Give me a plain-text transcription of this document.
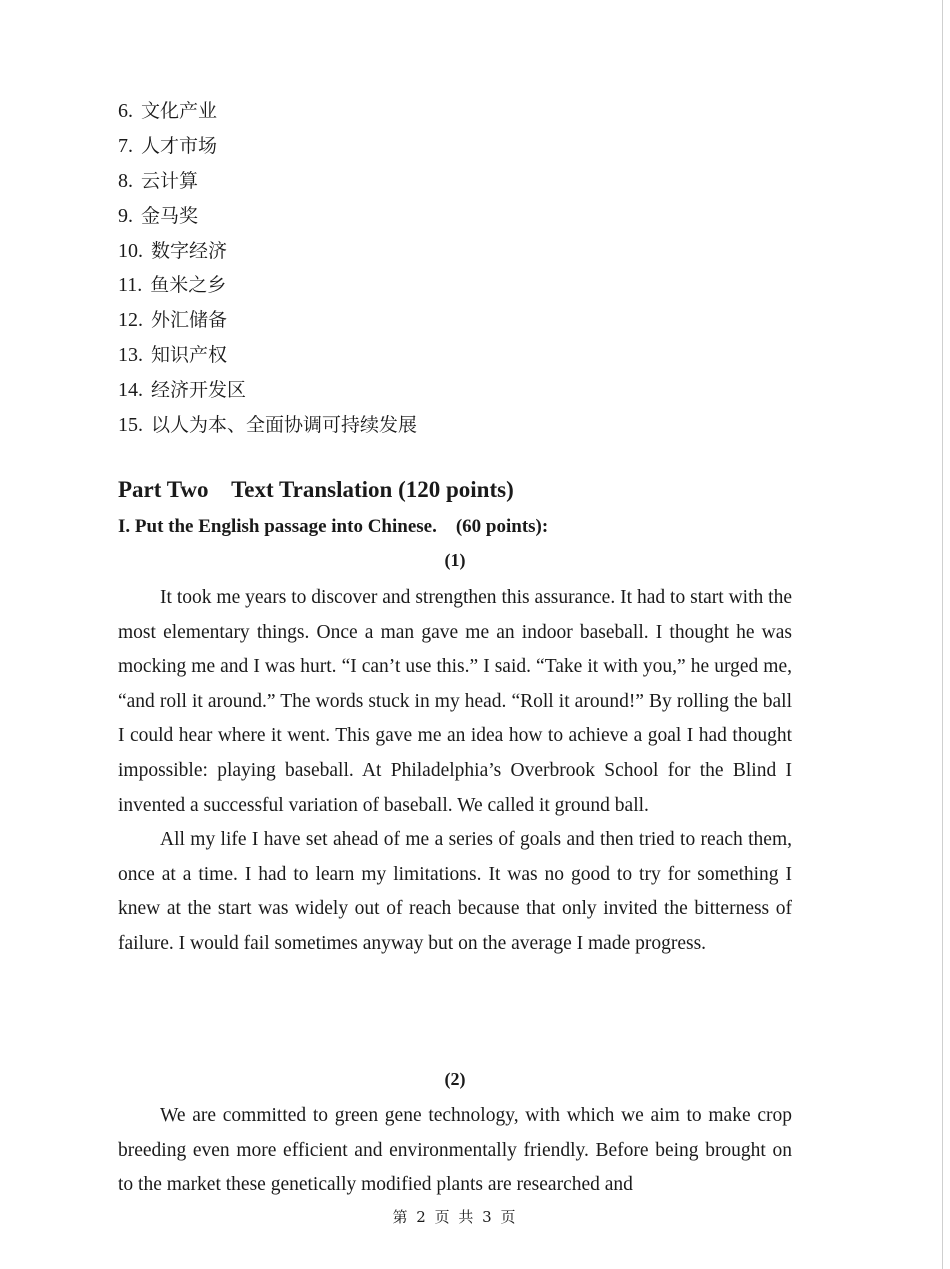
6. 文化产业
7. 人才市场
8. 云计算
9. 金马奖
10. 数字经济
11. 鱼米之乡
12. 外汇储备
13. 知识产权
14. 经济开发区
15. 以人为本、全面协调可持续发展
Part Two    Text Translation (120 points)
I. Put the English passage into Chinese.    (60 points):
(1)

It took me years to discover and strengthen this assurance. It had to start with the most elementary things. Once a man gave me an indoor baseball. I thought he was mocking me and I was hurt. “I can’t use this.” I said. “Take it with you,” he urged me, “and roll it around.” The words stuck in my head. “Roll it around!” By rolling the ball I could hear where it went. This gave me an idea how to achieve a goal I had thought impossible: playing baseball. At Philadelphia’s Overbrook School for the Blind I invented a successful variation of baseball. We called it ground ball.

All my life I have set ahead of me a series of goals and then tried to reach them, once at a time. I had to learn my limitations. It was no good to try for something I knew at the start was widely out of reach because that only invited the bitterness of failure. I would fail sometimes anyway but on the average I made progress.

(2)

We are committed to green gene technology, with which we aim to make crop breeding even more efficient and environmentally friendly. Before being brought on to the market these genetically modified plants are researched and

第 2 页 共 3 页
